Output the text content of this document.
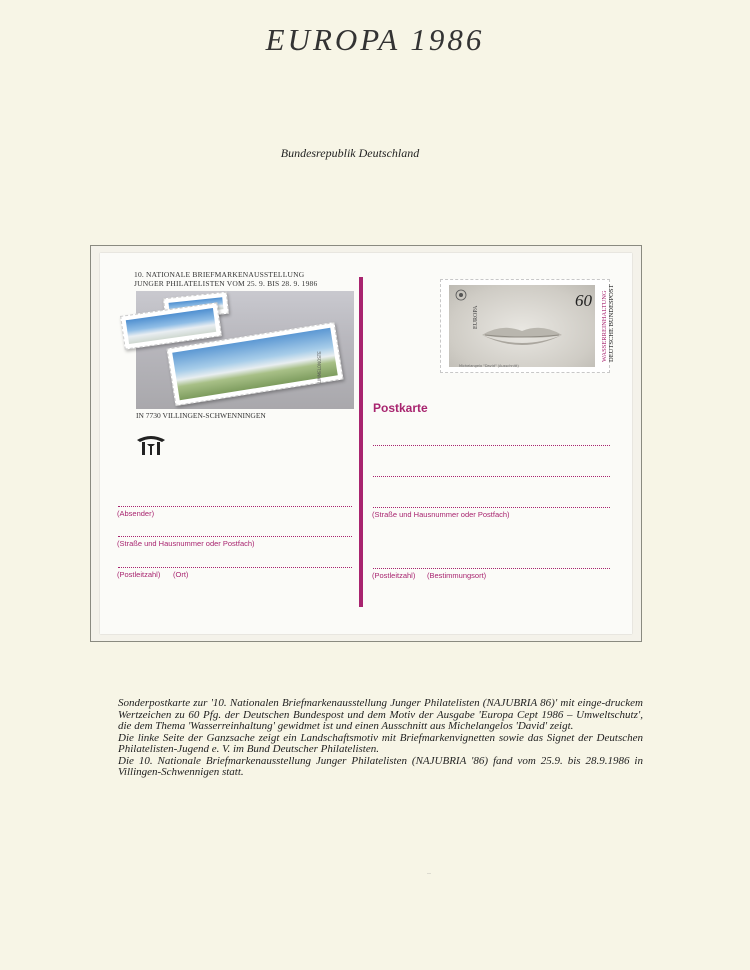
EUROPA 1986
Bundesrepublik Deutschland
10. NATIONALE BRIEFMARKENAUSSTELLUNG
JUNGER PHILATELISTEN VOM 25. 9. BIS 28. 9. 1986
LIMMELONOSTE
IN 7730 VILLINGEN-SCHWENNINGEN
60
EUROPA	WASSERREINHALTUNG DEUTSCHE BUNDESPOST
Michelangelo "David" (Ausschnitt)
Postkarte
(Straße und Hausnummer oder Postfach)
(Postleitzahl) (Bestimmungsort)
(Absender)
(Straße und Hausnummer oder Postfach)
(Postleitzahl) (Ort)

Sonderpostkarte zur '10. Nationalen Briefmarkenausstellung Junger Philatelisten (NAJUBRIA 86)' mit einge-druckem Wertzeichen zu 60 Pfg. der Deutschen Bundespost und dem Motiv der Ausgabe 'Europa Cept 1986 – Umweltschutz', die dem Thema 'Wasserreinhaltung' gewidmet ist und einen Ausschnitt aus Michelangelos 'David' zeigt.

Die linke Seite der Ganzsache zeigt ein Landschaftsmotiv mit Briefmarkenvignetten sowie das Signet der Deutschen Philatelisten-Jugend e. V. im Bund Deutscher Philatelisten.

Die 10. Nationale Briefmarkenausstellung Junger Philatelisten (NAJUBRIA '86) fand vom 25.9. bis 28.9.1986 in Villingen-Schwennigen statt.

‥
